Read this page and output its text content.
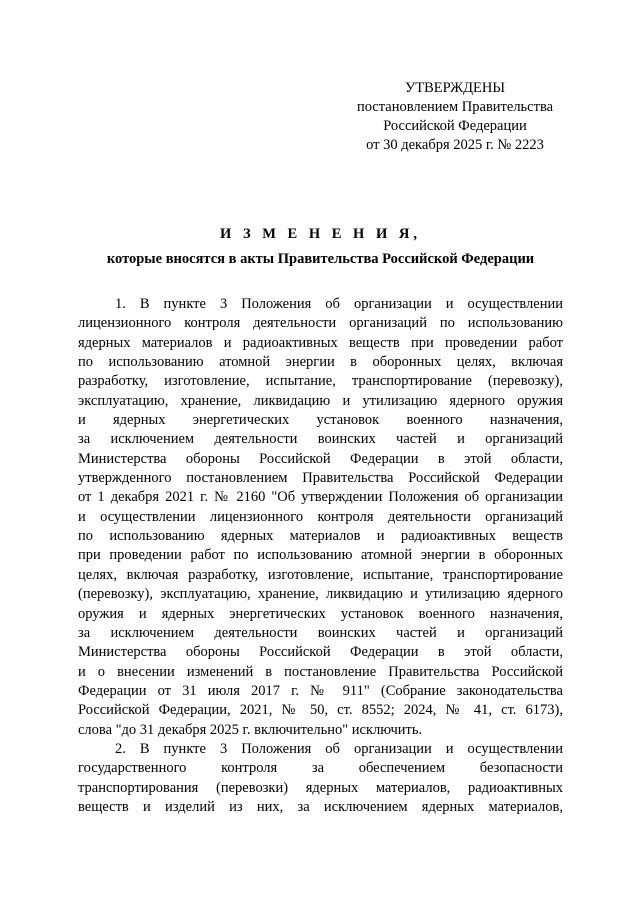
УТВЕРЖДЕНЫ
постановлением Правительства
Российской Федерации
от 30 декабря 2025 г. № 2223
И З М Е Н Е Н И Я,
которые вносятся в акты Правительства Российской Федерации
1. В пункте 3 Положения об организации и осуществлении
лицензионного контроля деятельности организаций по использованию
ядерных материалов и радиоактивных веществ при проведении работ
по использованию атомной энергии в оборонных целях, включая
разработку, изготовление, испытание, транспортирование (перевозку),
эксплуатацию, хранение, ликвидацию и утилизацию ядерного оружия
и ядерных энергетических установок военного назначения,
за исключением деятельности воинских частей и организаций
Министерства обороны Российской Федерации в этой области,
утвержденного постановлением Правительства Российской Федерации
от 1 декабря 2021 г. № 2160 "Об утверждении Положения об организации
и осуществлении лицензионного контроля деятельности организаций
по использованию ядерных материалов и радиоактивных веществ
при проведении работ по использованию атомной энергии в оборонных
целях, включая разработку, изготовление, испытание, транспортирование
(перевозку), эксплуатацию, хранение, ликвидацию и утилизацию ядерного
оружия и ядерных энергетических установок военного назначения,
за исключением деятельности воинских частей и организаций
Министерства обороны Российской Федерации в этой области,
и о внесении изменений в постановление Правительства Российской
Федерации от 31 июля 2017 г. № 911" (Собрание законодательства
Российской Федерации, 2021, № 50, ст. 8552; 2024, № 41, ст. 6173),
слова "до 31 декабря 2025 г. включительно" исключить.
2. В пункте 3 Положения об организации и осуществлении
государственного контроля за обеспечением безопасности
транспортирования (перевозки) ядерных материалов, радиоактивных
веществ и изделий из них, за исключением ядерных материалов,
